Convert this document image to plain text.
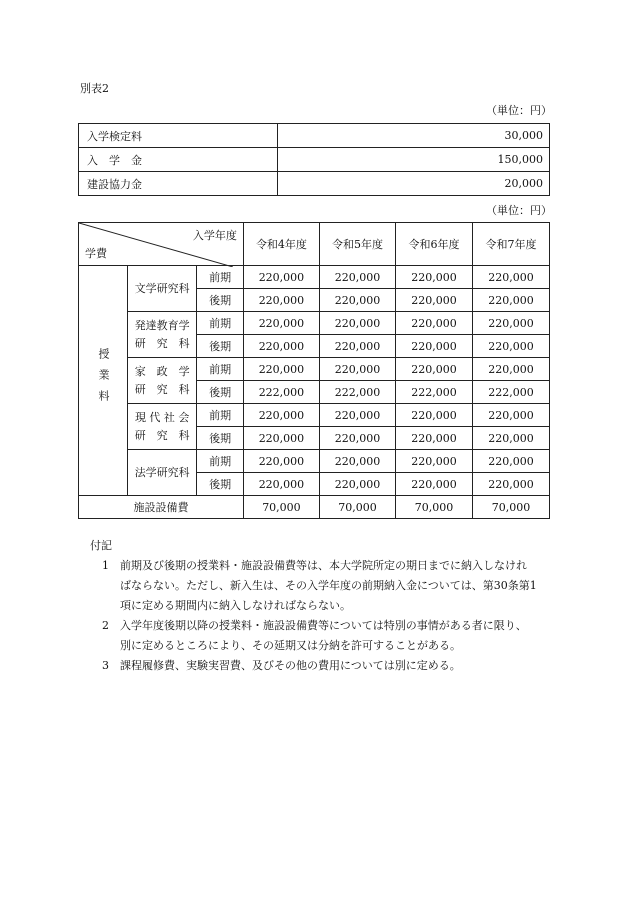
別表2
（単位：円）
入学検定料	30,000
入　学　金	150,000
建設協力金	20,000
（単位：円）
入学年度
学費			令和4年度	令和5年度	令和6年度	令和7年度
授業料	文学研究科	前期	220,000	220,000	220,000	220,000
		後期	220,000	220,000	220,000	220,000

	発達教育学
研　究　科	前期	220,000	220,000	220,000	220,000
		後期	220,000	220,000	220,000	220,000

	家　政　学
研　究　科	前期	220,000	220,000	220,000	220,000
		後期	222,000	222,000	222,000	222,000

	現 代 社 会
研　究　科	前期	220,000	220,000	220,000	220,000
		後期	220,000	220,000	220,000	220,000

	法学研究科	前期	220,000	220,000	220,000	220,000
		後期	220,000	220,000	220,000	220,000
施設設備費			70,000	70,000	70,000	70,000
付記
1 前期及び後期の授業料・施設設備費等は、本大学院所定の期日までに納入しなけれ
ばならない。ただし、新入生は、その入学年度の前期納入金については、第30条第1
項に定める期間内に納入しなければならない。
2 入学年度後期以降の授業料・施設設備費等については特別の事情がある者に限り、
別に定めるところにより、その延期又は分納を許可することがある。
3 課程履修費、実験実習費、及びその他の費用については別に定める。
